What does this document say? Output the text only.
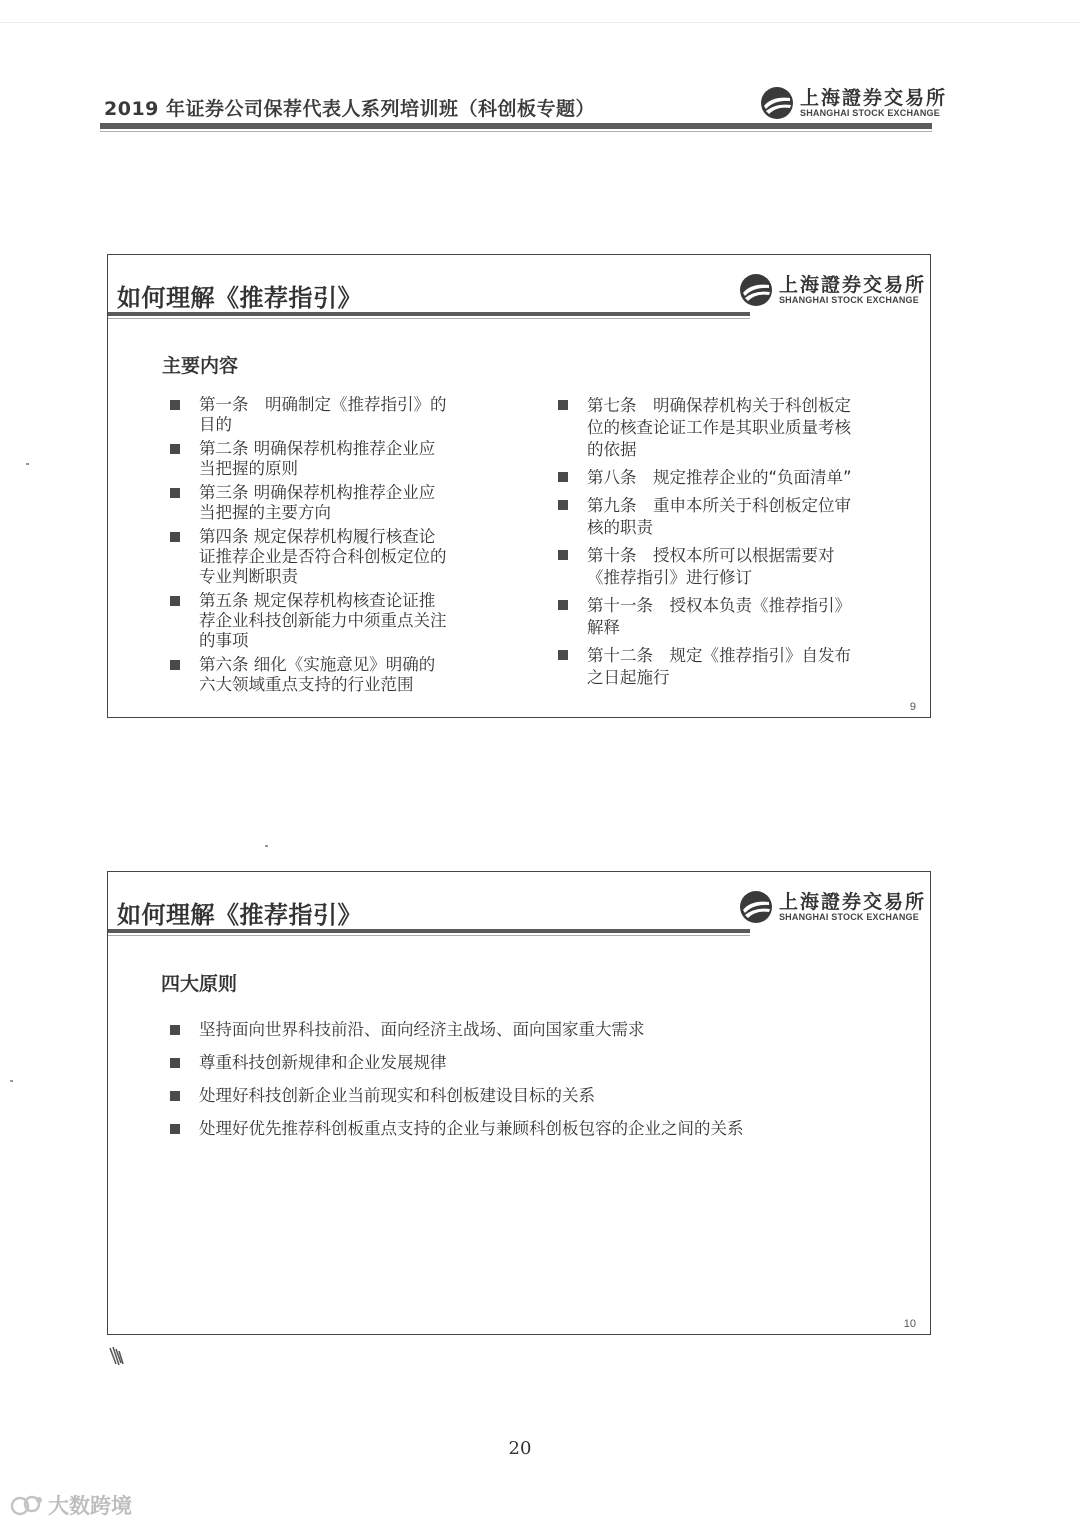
2019 年证券公司保荐代表人系列培训班（科创板专题）
上海證券交易所
SHANGHAI STOCK EXCHANGE
如何理解《推荐指引》	上海證券交易所
SHANGHAI STOCK EXCHANGE
主要内容
第一条　明确制定《推荐指引》的目的
第二条 明确保荐机构推荐企业应当把握的原则
第三条 明确保荐机构推荐企业应当把握的主要方向
第四条 规定保荐机构履行核查论证推荐企业是否符合科创板定位的专业判断职责
第五条 规定保荐机构核查论证推荐企业科技创新能力中须重点关注的事项
第六条 细化《实施意见》明确的六大领域重点支持的行业范围
第七条　明确保荐机构关于科创板定位的核查论证工作是其职业质量考核的依据
第八条　规定推荐企业的“负面清单”
第九条　重申本所关于科创板定位审核的职责
第十条　授权本所可以根据需要对《推荐指引》进行修订
第十一条　授权本负责《推荐指引》解释
第十二条　规定《推荐指引》自发布之日起施行
9
如何理解《推荐指引》	上海證券交易所
SHANGHAI STOCK EXCHANGE
四大原则
坚持面向世界科技前沿、面向经济主战场、面向国家重大需求
尊重科技创新规律和企业发展规律
处理好科技创新企业当前现实和科创板建设目标的关系
处理好优先推荐科创板重点支持的企业与兼顾科创板包容的企业之间的关系
10
20
大数跨境
